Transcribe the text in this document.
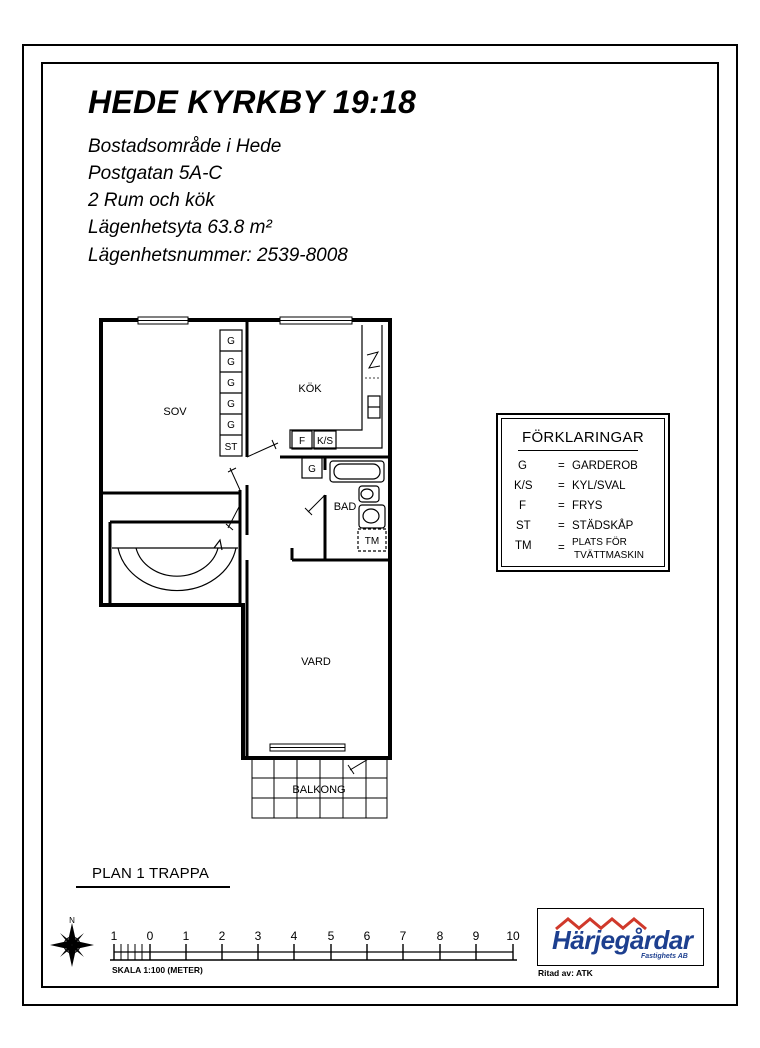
HEDE KYRKBY 19:18
Bostadsområde i Hede
Postgatan 5A-C
2 Rum och kök
Lägenhetsyta 63.8 m²
Lägenhetsnummer: 2539-8008
G
G
G
G
G
ST
F K/S
G
TM
SOV
KÖK
BAD
VARD
BALKONG
N
1	0	1	2	3	4	5	6	7	8	9	10
SKALA 1:100 (METER)
FÖRKLARINGAR
G	= GARDEROB
K/S = KYL/SVAL
F	= FRYS
ST = STÄDSKÅP
TM = PLATS FÖR
TVÄTTMASKIN
PLAN 1 TRAPPA
Härjegårdar
Fastighets AB
Ritad av: ATK
